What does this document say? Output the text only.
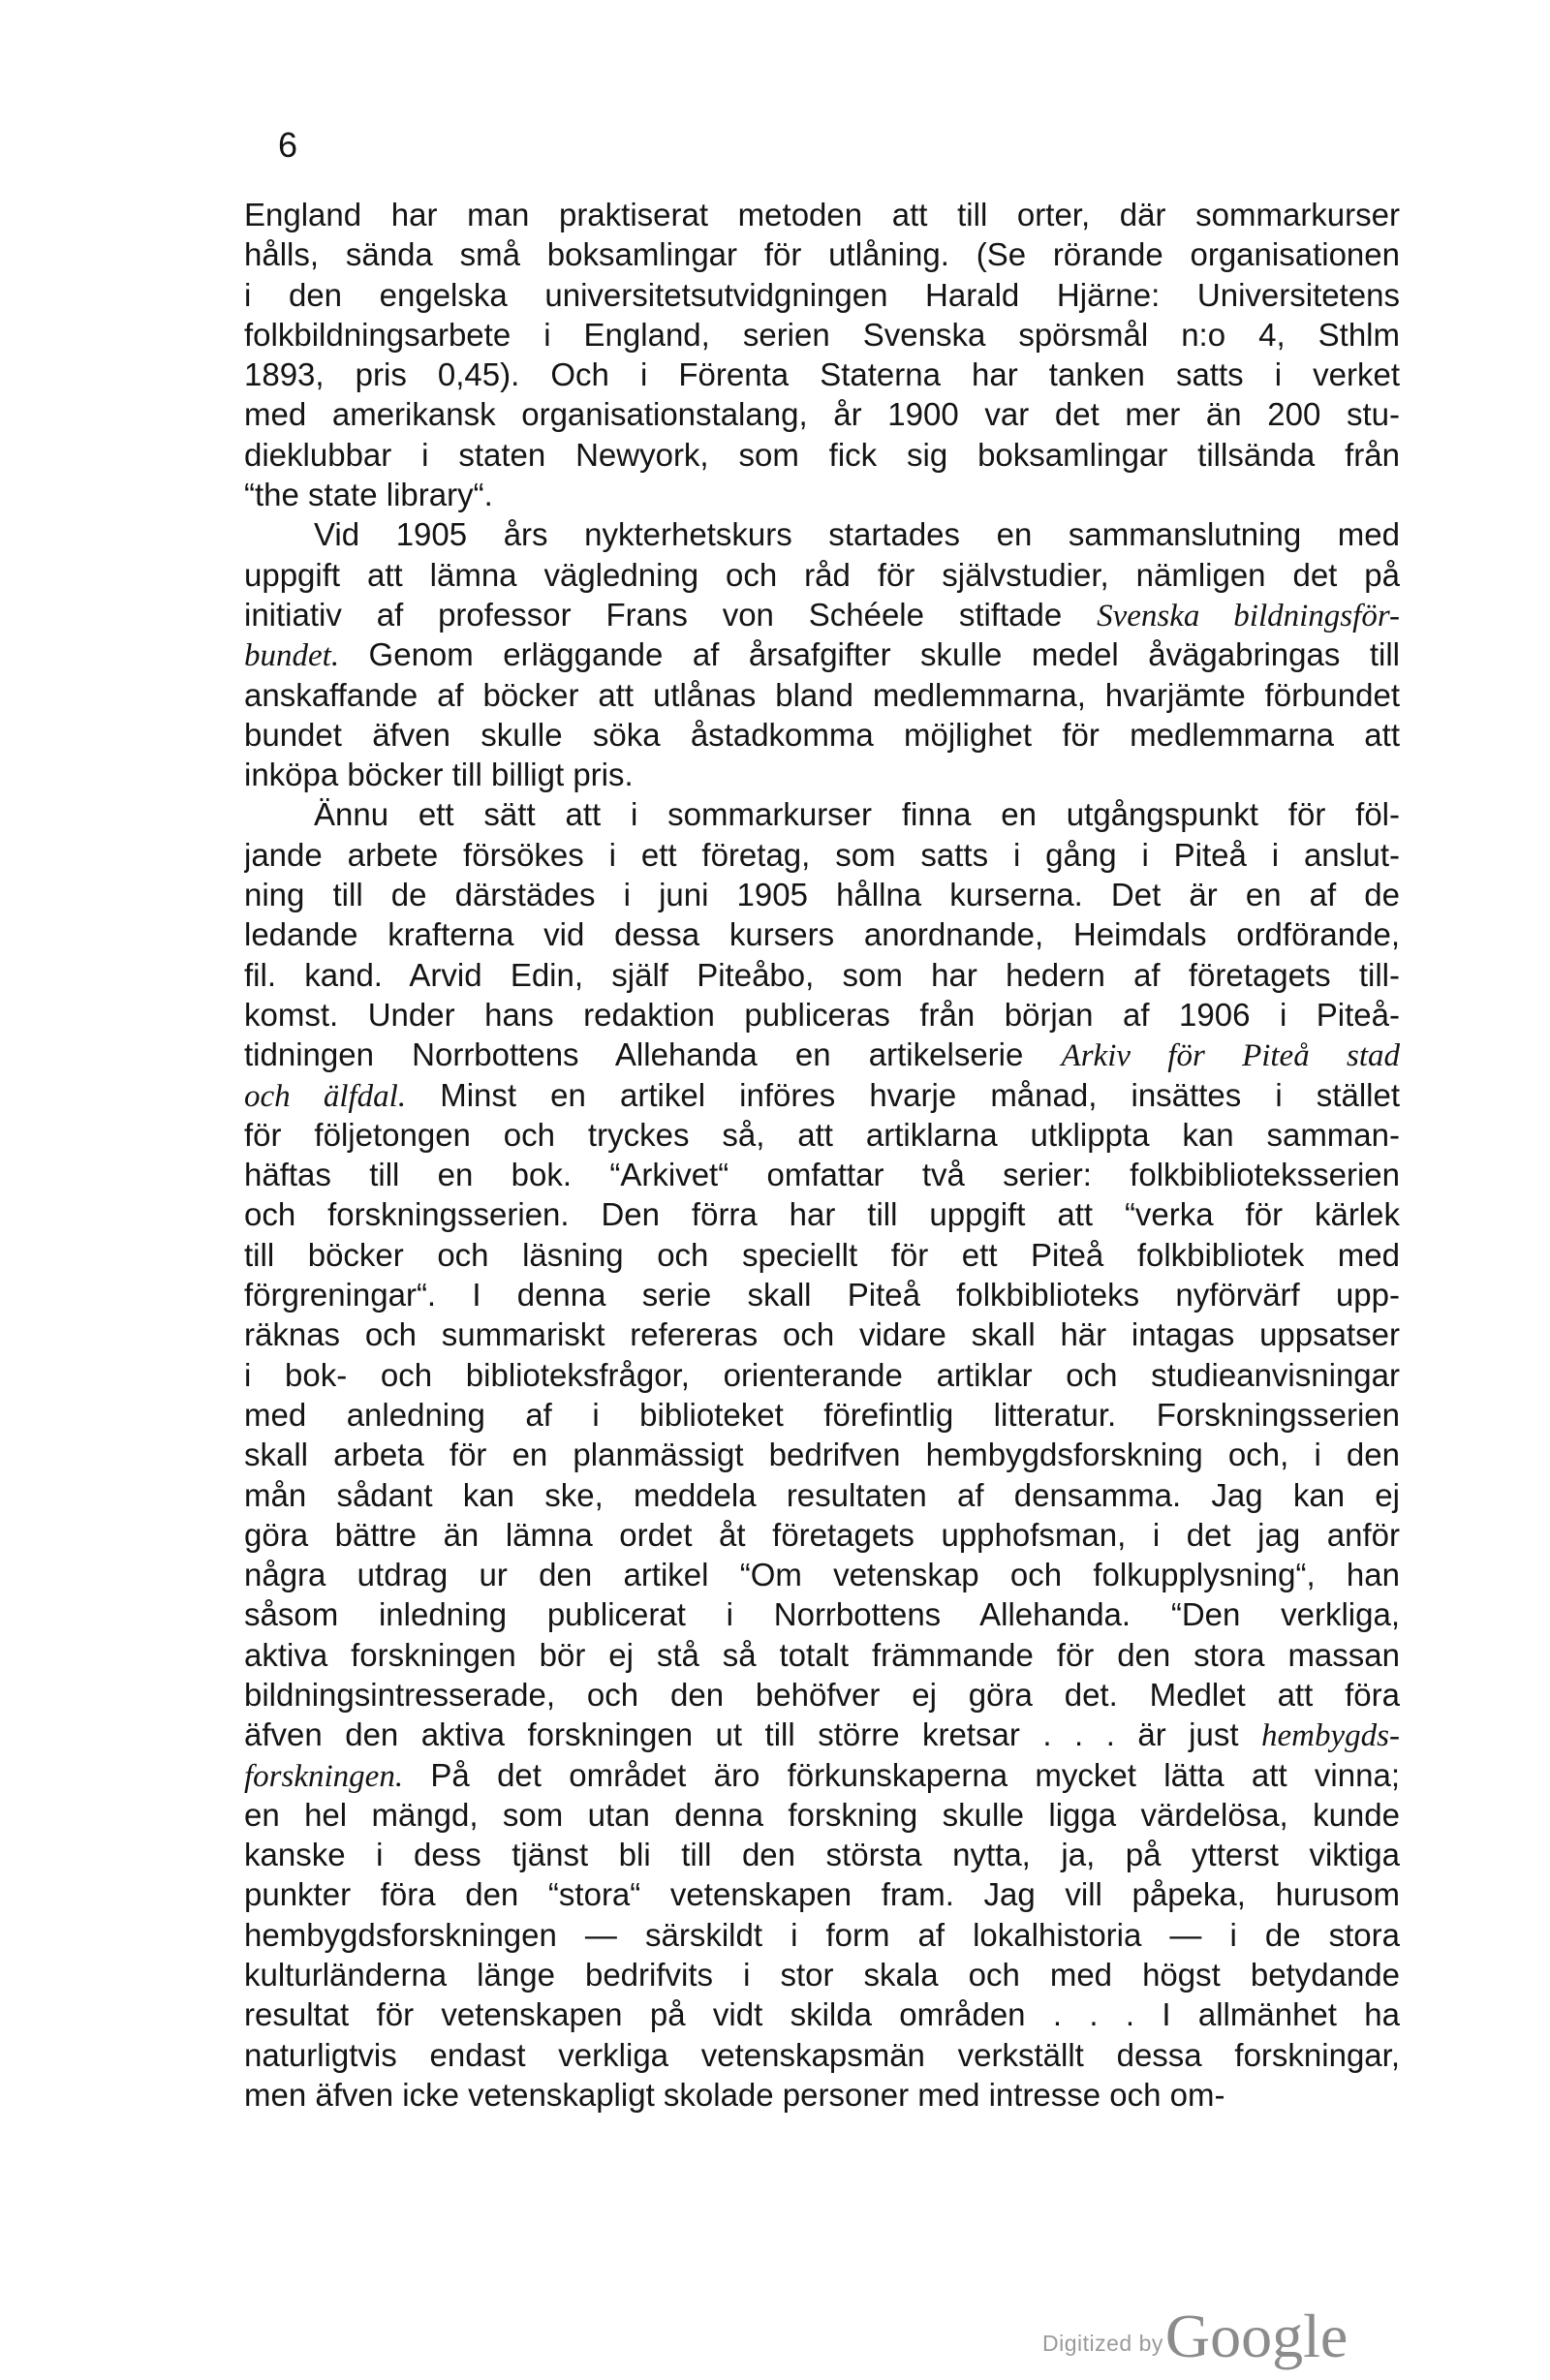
6
England har man praktiserat metoden att till orter, där sommarkurser
hålls, sända små boksamlingar för utlåning. (Se rörande organisationen
i den engelska universitetsutvidgningen Harald Hjärne: Universitetens
folkbildningsarbete i England, serien Svenska spörsmål n:o 4, Sthlm
1893, pris 0,45). Och i Förenta Staterna har tanken satts i verket
med amerikansk organisationstalang, år 1900 var det mer än 200 stu-
dieklubbar i staten Newyork, som fick sig boksamlingar tillsända från
“the state library“.
Vid 1905 års nykterhetskurs startades en sammanslutning med
uppgift att lämna vägledning och råd för självstudier, nämligen det på
initiativ af professor Frans von Schéele stiftade Svenska bildningsför-
bundet. Genom erläggande af årsafgifter skulle medel åvägabringas till
anskaffande af böcker att utlånas bland medlemmarna, hvarjämte förbundet
bundet äfven skulle söka åstadkomma möjlighet för medlemmarna att
inköpa böcker till billigt pris.
Ännu ett sätt att i sommarkurser finna en utgångspunkt för föl-
jande arbete försökes i ett företag, som satts i gång i Piteå i anslut-
ning till de därstädes i juni 1905 hållna kurserna. Det är en af de
ledande krafterna vid dessa kursers anordnande, Heimdals ordförande,
fil. kand. Arvid Edin, själf Piteåbo, som har hedern af företagets till-
komst. Under hans redaktion publiceras från början af 1906 i Piteå-
tidningen Norrbottens Allehanda en artikelserie Arkiv för Piteå stad
och älfdal. Minst en artikel införes hvarje månad, insättes i stället
för följetongen och tryckes så, att artiklarna utklippta kan samman-
häftas till en bok. “Arkivet“ omfattar två serier: folkbiblioteksserien
och forskningsserien. Den förra har till uppgift att “verka för kärlek
till böcker och läsning och speciellt för ett Piteå folkbibliotek med
förgreningar“. I denna serie skall Piteå folkbiblioteks nyförvärf upp-
räknas och summariskt refereras och vidare skall här intagas uppsatser
i bok- och biblioteksfrågor, orienterande artiklar och studieanvisningar
med anledning af i biblioteket förefintlig litteratur. Forskningsserien
skall arbeta för en planmässigt bedrifven hembygdsforskning och, i den
mån sådant kan ske, meddela resultaten af densamma. Jag kan ej
göra bättre än lämna ordet åt företagets upphofsman, i det jag anför
några utdrag ur den artikel “Om vetenskap och folkupplysning“, han
såsom inledning publicerat i Norrbottens Allehanda. “Den verkliga,
aktiva forskningen bör ej stå så totalt främmande för den stora massan
bildningsintresserade, och den behöfver ej göra det. Medlet att föra
äfven den aktiva forskningen ut till större kretsar . . . är just hembygds-
forskningen. På det området äro förkunskaperna mycket lätta att vinna;
en hel mängd, som utan denna forskning skulle ligga värdelösa, kunde
kanske i dess tjänst bli till den största nytta, ja, på ytterst viktiga
punkter föra den “stora“ vetenskapen fram. Jag vill påpeka, hurusom
hembygdsforskningen — särskildt i form af lokalhistoria — i de stora
kulturländerna länge bedrifvits i stor skala och med högst betydande
resultat för vetenskapen på vidt skilda områden . . . I allmänhet ha
naturligtvis endast verkliga vetenskapsmän verkställt dessa forskningar,
men äfven icke vetenskapligt skolade personer med intresse och om-
Digitized byGoogle
